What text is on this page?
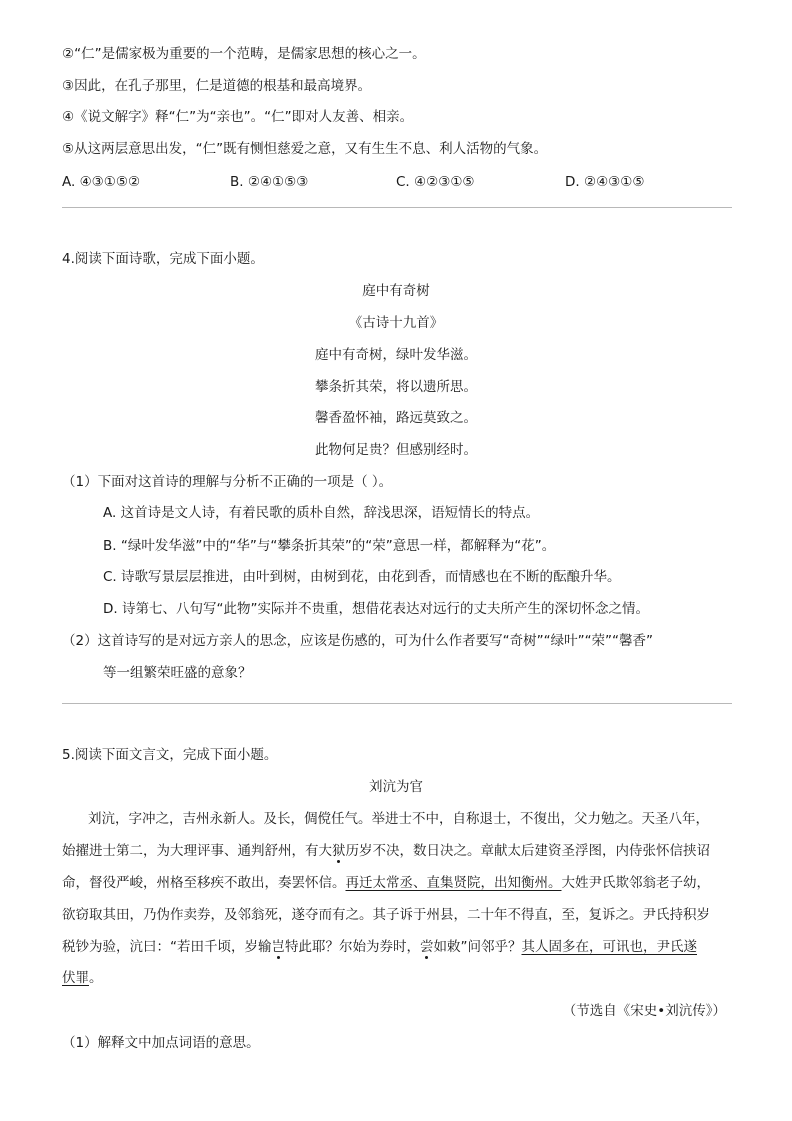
②“仁”是儒家极为重要的一个范畴，是儒家思想的核心之一。
③因此，在孔子那里，仁是道德的根基和最高境界。
④《说文解字》释“仁”为“亲也”。“仁”即对人友善、相亲。
⑤从这两层意思出发，“仁”既有恻怛慈爱之意，又有生生不息、利人活物的气象。
A. ④③①⑤②	B. ②④①⑤③	C. ④②③①⑤	D. ②④③①⑤
4.阅读下面诗歌，完成下面小题。
庭中有奇树
《古诗十九首》
庭中有奇树，绿叶发华滋。
攀条折其荣，将以遗所思。
馨香盈怀袖，路远莫致之。
此物何足贵？但感别经时。
（1）下面对这首诗的理解与分析不正确的一项是（ ）。
A. 这首诗是文人诗，有着民歌的质朴自然，辞浅思深，语短情长的特点。
B. “绿叶发华滋”中的“华”与“攀条折其荣”的“荣”意思一样，都解释为“花”。
C. 诗歌写景层层推进，由叶到树，由树到花，由花到香，而情感也在不断的酝酿升华。
D. 诗第七、八句写“此物”实际并不贵重，想借花表达对远行的丈夫所产生的深切怀念之情。
（2）这首诗写的是对远方亲人的思念，应该是伤感的，可为什么作者要写“奇树”“绿叶”“荣”“馨香”
等一组繁荣旺盛的意象？
5.阅读下面文言文，完成下面小题。
刘沆为官
刘沆，字冲之，吉州永新人。及长，倜傥任气。举进士不中，自称退士，不復出，父力勉之。天圣八年，
始擢进士第二，为大理评事、通判舒州，有大狱历岁不决，数日决之。章献太后建资圣浮图，内侍张怀信挟诏
命，督役严峻，州格至移疾不敢出，奏罢怀信。再迁太常丞、直集贤院，出知衡州。大姓尹氏欺邻翁老子幼，
欲窃取其田，乃伪作卖券，及邻翁死，遂夺而有之。其子诉于州县，二十年不得直，至，复诉之。尹氏持积岁
税钞为验，沆曰：“若田千顷，岁输岂特此耶？尔始为券时，尝如敕”问邻乎？其人固多在，可讯也，尹氏遂
伏罪。
（节选自《宋史•刘沆传》）
（1）解释文中加点词语的意思。
